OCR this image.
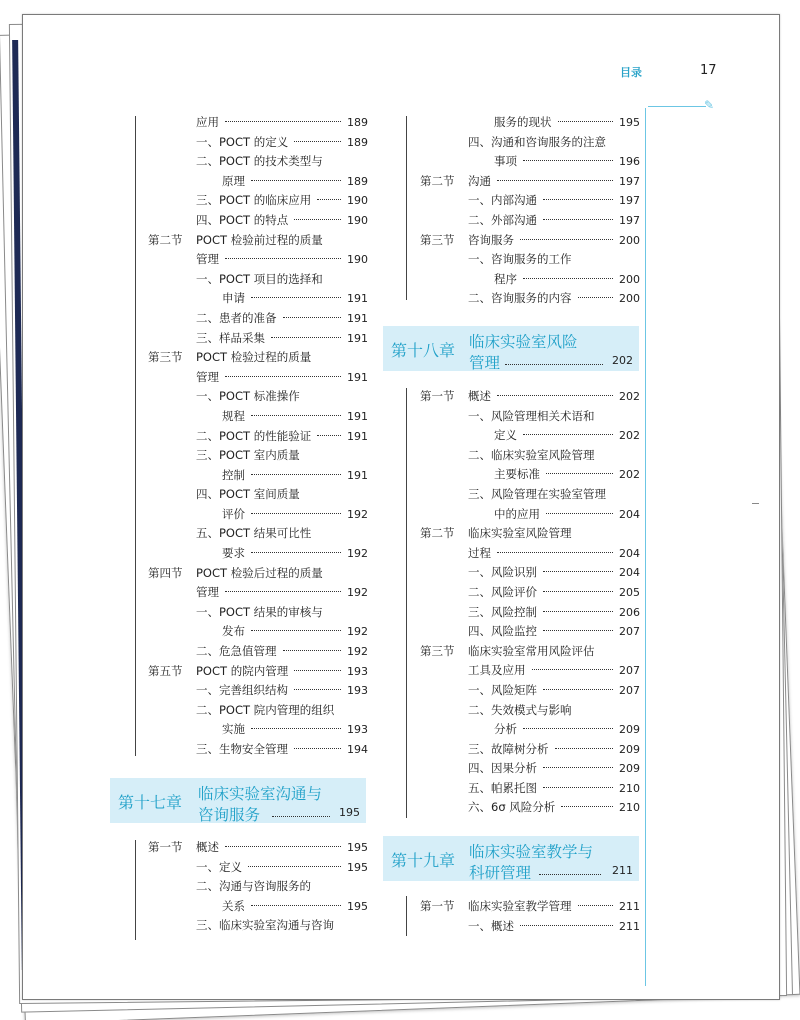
目录	17
✎
应用	189
一、POCT 的定义	189
二、POCT 的技术类型与
原理	189
三、POCT 的临床应用	190
四、POCT 的特点	190
第二节	POCT 检验前过程的质量
管理	190
一、POCT 项目的选择和
申请	191
二、患者的准备	191
三、样品采集	191
第三节	POCT 检验过程的质量
管理	191
一、POCT 标准操作
规程	191
二、POCT 的性能验证	191
三、POCT 室内质量
控制	191
四、POCT 室间质量
评价	192
五、POCT 结果可比性
要求	192
第四节	POCT 检验后过程的质量
管理	192
一、POCT 结果的审核与
发布	192
二、危急值管理	192
第五节	POCT 的院内管理	193
一、完善组织结构	193
二、POCT 院内管理的组织
实施	193
三、生物安全管理	194
第十七章 临床实验室沟通与
咨询服务	195
第一节	概述	195
一、定义	195
二、沟通与咨询服务的
关系	195
三、临床实验室沟通与咨询
服务的现状	195
四、沟通和咨询服务的注意
事项	196
第二节	沟通	197
一、内部沟通	197
二、外部沟通	197
第三节	咨询服务	200
一、咨询服务的工作
程序	200
二、咨询服务的内容	200
第十八章 临床实验室风险
管理	202
第一节	概述	202
一、风险管理相关术语和
定义	202
二、临床实验室风险管理
主要标准	202
三、风险管理在实验室管理
中的应用	204
第二节	临床实验室风险管理
过程	204
一、风险识别	204
二、风险评价	205
三、风险控制	206
四、风险监控	207
第三节	临床实验室常用风险评估
工具及应用	207
一、风险矩阵	207
二、失效模式与影响
分析	209
三、故障树分析	209
四、因果分析	209
五、帕累托图	210
六、6σ 风险分析	210
第十九章 临床实验室教学与
科研管理	211
第一节	临床实验室教学管理	211
一、概述	211
